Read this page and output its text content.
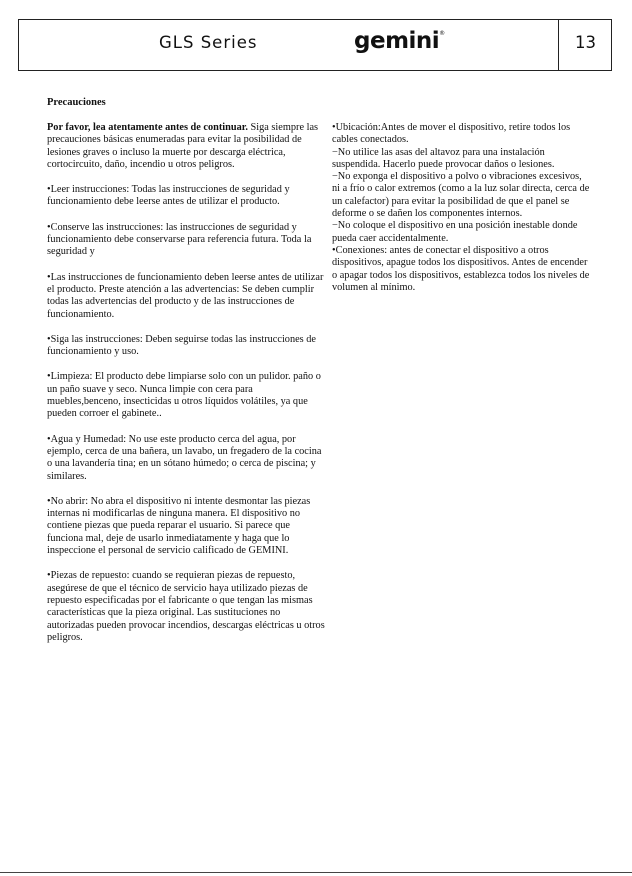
GLS Series	gemini®	13
Precauciones

Por favor, lea atentamente antes de continuar. Siga siempre las precauciones básicas enumeradas para evitar la posibilidad de lesiones graves o incluso la muerte por descarga eléctrica, cortocircuito, daño, incendio u otros peligros.

•Leer instrucciones: Todas las instrucciones de seguridad y funcionamiento debe leerse antes de utilizar el producto.

•Conserve las instrucciones: las instrucciones de seguridad y funcionamiento debe conservarse para referencia futura. Toda la seguridad y

•Las instrucciones de funcionamiento deben leerse antes de utilizar el producto. Preste atención a las advertencias: Se deben cumplir todas las advertencias del producto y de las instrucciones de funcionamiento.

•Siga las instrucciones: Deben seguirse todas las instrucciones de funcionamiento y uso.

•Limpieza: El producto debe limpiarse solo con un pulidor. paño o un paño suave y seco. Nunca limpie con cera para muebles,benceno, insecticidas u otros líquidos volátiles, ya que pueden corroer el gabinete..

•Agua y Humedad: No use este producto cerca del agua, por ejemplo, cerca de una bañera, un lavabo, un fregadero de la cocina o una lavandería tina; en un sótano húmedo; o cerca de piscina; y similares.

•No abrir: No abra el dispositivo ni intente desmontar las piezas internas ni modificarlas de ninguna manera. El dispositivo no contiene piezas que pueda reparar el usuario. Si parece que funciona mal, deje de usarlo inmediatamente y haga que lo inspeccione el personal de servicio calificado de GEMINI.

•Piezas de repuesto: cuando se requieran piezas de repuesto, asegúrese de que el técnico de servicio haya utilizado piezas de repuesto especificadas por el fabricante o que tengan las mismas características que la pieza original. Las sustituciones no autorizadas pueden provocar incendios, descargas eléctricas u otros peligros.

•Ubicación:Antes de mover el dispositivo, retire todos los cables conectados.

−No utilice las asas del altavoz para una instalación suspendida. Hacerlo puede provocar daños o lesiones.

−No exponga el dispositivo a polvo o vibraciones excesivos, ni a frío o calor extremos (como a la luz solar directa, cerca de un calefactor) para evitar la posibilidad de que el panel se deforme o se dañen los componentes internos.

−No coloque el dispositivo en una posición inestable donde pueda caer accidentalmente.

•Conexiones: antes de conectar el dispositivo a otros dispositivos, apague todos los dispositivos. Antes de encender o apagar todos los dispositivos, establezca todos los niveles de volumen al mínimo.
